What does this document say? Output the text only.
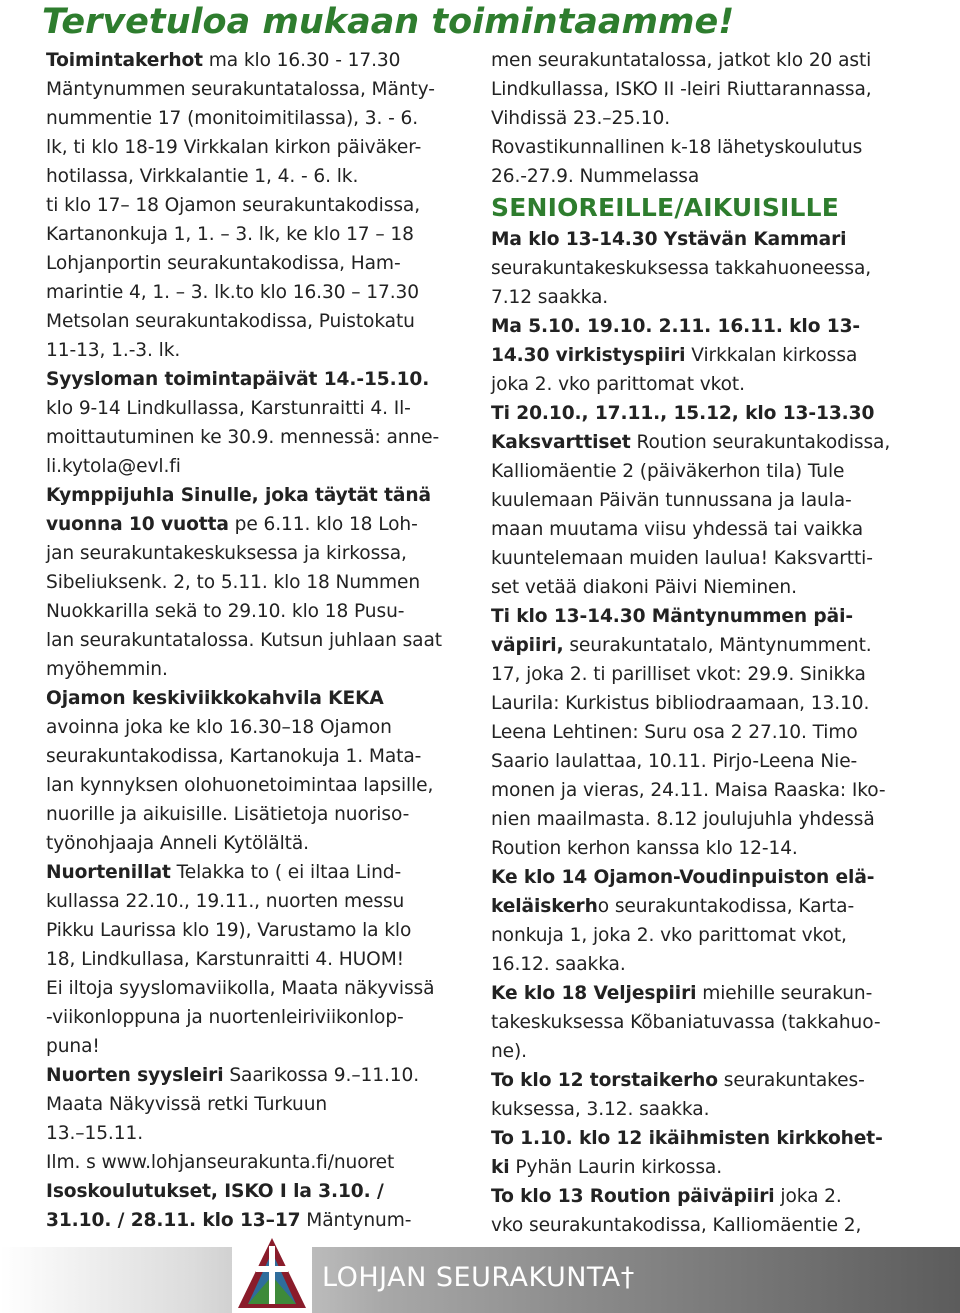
Tervetuloa mukaan toimintaamme!
Toimintakerhot ma klo 16.30 - 17.30
Mäntynummen seurakuntatalossa, Mänty-
nummentie 17 (monitoimitilassa), 3. - 6.
lk, ti klo 18-19 Virkkalan kirkon päiväker-
hotilassa, Virkkalantie 1, 4. - 6. lk.
ti klo 17– 18 Ojamon seurakuntakodissa,
Kartanonkuja 1, 1. – 3. lk, ke klo 17 – 18
Lohjanportin seurakuntakodissa, Ham-
marintie 4, 1. – 3. lk.to klo 16.30 – 17.30
Metsolan seurakuntakodissa, Puistokatu
11-13, 1.-3. lk.
Syysloman toimintapäivät 14.-15.10.
klo 9-14 Lindkullassa, Karstunraitti 4. Il-
moittautuminen ke 30.9. mennessä: anne-
li.kytola@evl.fi
Kymppijuhla Sinulle, joka täytät tänä
vuonna 10 vuotta pe 6.11. klo 18 Loh-
jan seurakuntakeskuksessa ja kirkossa,
Sibeliuksenk. 2, to 5.11. klo 18 Nummen
Nuokkarilla sekä to 29.10. klo 18 Pusu-
lan seurakuntatalossa. Kutsun juhlaan saat
myöhemmin.
Ojamon keskiviikkokahvila KEKA
avoinna joka ke klo 16.30–18 Ojamon
seurakuntakodissa, Kartanokuja 1. Mata-
lan kynnyksen olohuonetoimintaa lapsille,
nuorille ja aikuisille. Lisätietoja nuoriso-
työnohjaaja Anneli Kytölältä.
Nuortenillat Telakka to ( ei iltaa Lind-
kullassa 22.10., 19.11., nuorten messu
Pikku Laurissa klo 19), Varustamo la klo
18, Lindkullasa, Karstunraitti 4. HUOM!
Ei iltoja syyslomaviikolla, Maata näkyvissä
-viikonloppuna ja nuortenleiriviikonlop-
puna!
Nuorten syysleiri Saarikossa 9.–11.10.
Maata Näkyvissä retki Turkuun
13.–15.11.
Ilm. s www.lohjanseurakunta.fi/nuoret
Isoskoulutukset, ISKO I la 3.10. /
31.10. / 28.11. klo 13–17 Mäntynum-
men seurakuntatalossa, jatkot klo 20 asti
Lindkullassa, ISKO II -leiri Riuttarannassa,
Vihdissä 23.–25.10.
Rovastikunnallinen k-18 lähetyskoulutus
26.-27.9. Nummelassa
SENIOREILLE/AIKUISILLE
Ma klo 13-14.30 Ystävän Kammari
seurakuntakeskuksessa takkahuoneessa,
7.12 saakka.
Ma 5.10. 19.10. 2.11. 16.11. klo 13-
14.30 virkistyspiiri Virkkalan kirkossa
joka 2. vko parittomat vkot.
Ti 20.10., 17.11., 15.12, klo 13-13.30
Kaksvarttiset Roution seurakuntakodissa,
Kalliomäentie 2 (päiväkerhon tila) Tule
kuulemaan Päivän tunnussana ja laula-
maan muutama viisu yhdessä tai vaikka
kuuntelemaan muiden laulua! Kaksvartti-
set vetää diakoni Päivi Nieminen.
Ti klo 13-14.30 Mäntynummen päi-
väpiiri, seurakuntatalo, Mäntynumment.
17, joka 2. ti parilliset vkot: 29.9. Sinikka
Laurila: Kurkistus bibliodraamaan, 13.10.
Leena Lehtinen: Suru osa 2 27.10. Timo
Saario laulattaa, 10.11. Pirjo-Leena Nie-
monen ja vieras, 24.11. Maisa Raaska: Iko-
nien maailmasta. 8.12 joulujuhla yhdessä
Roution kerhon kanssa klo 12-14.
Ke klo 14 Ojamon-Voudinpuiston elä-
keläiskerho seurakuntakodissa, Karta-
nonkuja 1, joka 2. vko parittomat vkot,
16.12. saakka.
Ke klo 18 Veljespiiri miehille seurakun-
takeskuksessa Kõbaniatuvassa (takkahuo-
ne).
To klo 12 torstaikerho seurakuntakes-
kuksessa, 3.12. saakka.
To 1.10. klo 12 ikäihmisten kirkkohet-
ki Pyhän Laurin kirkossa.
To klo 13 Roution päiväpiiri joka 2.
vko seurakuntakodissa, Kalliomäentie 2,
LOHJAN SEURAKUNTA†
